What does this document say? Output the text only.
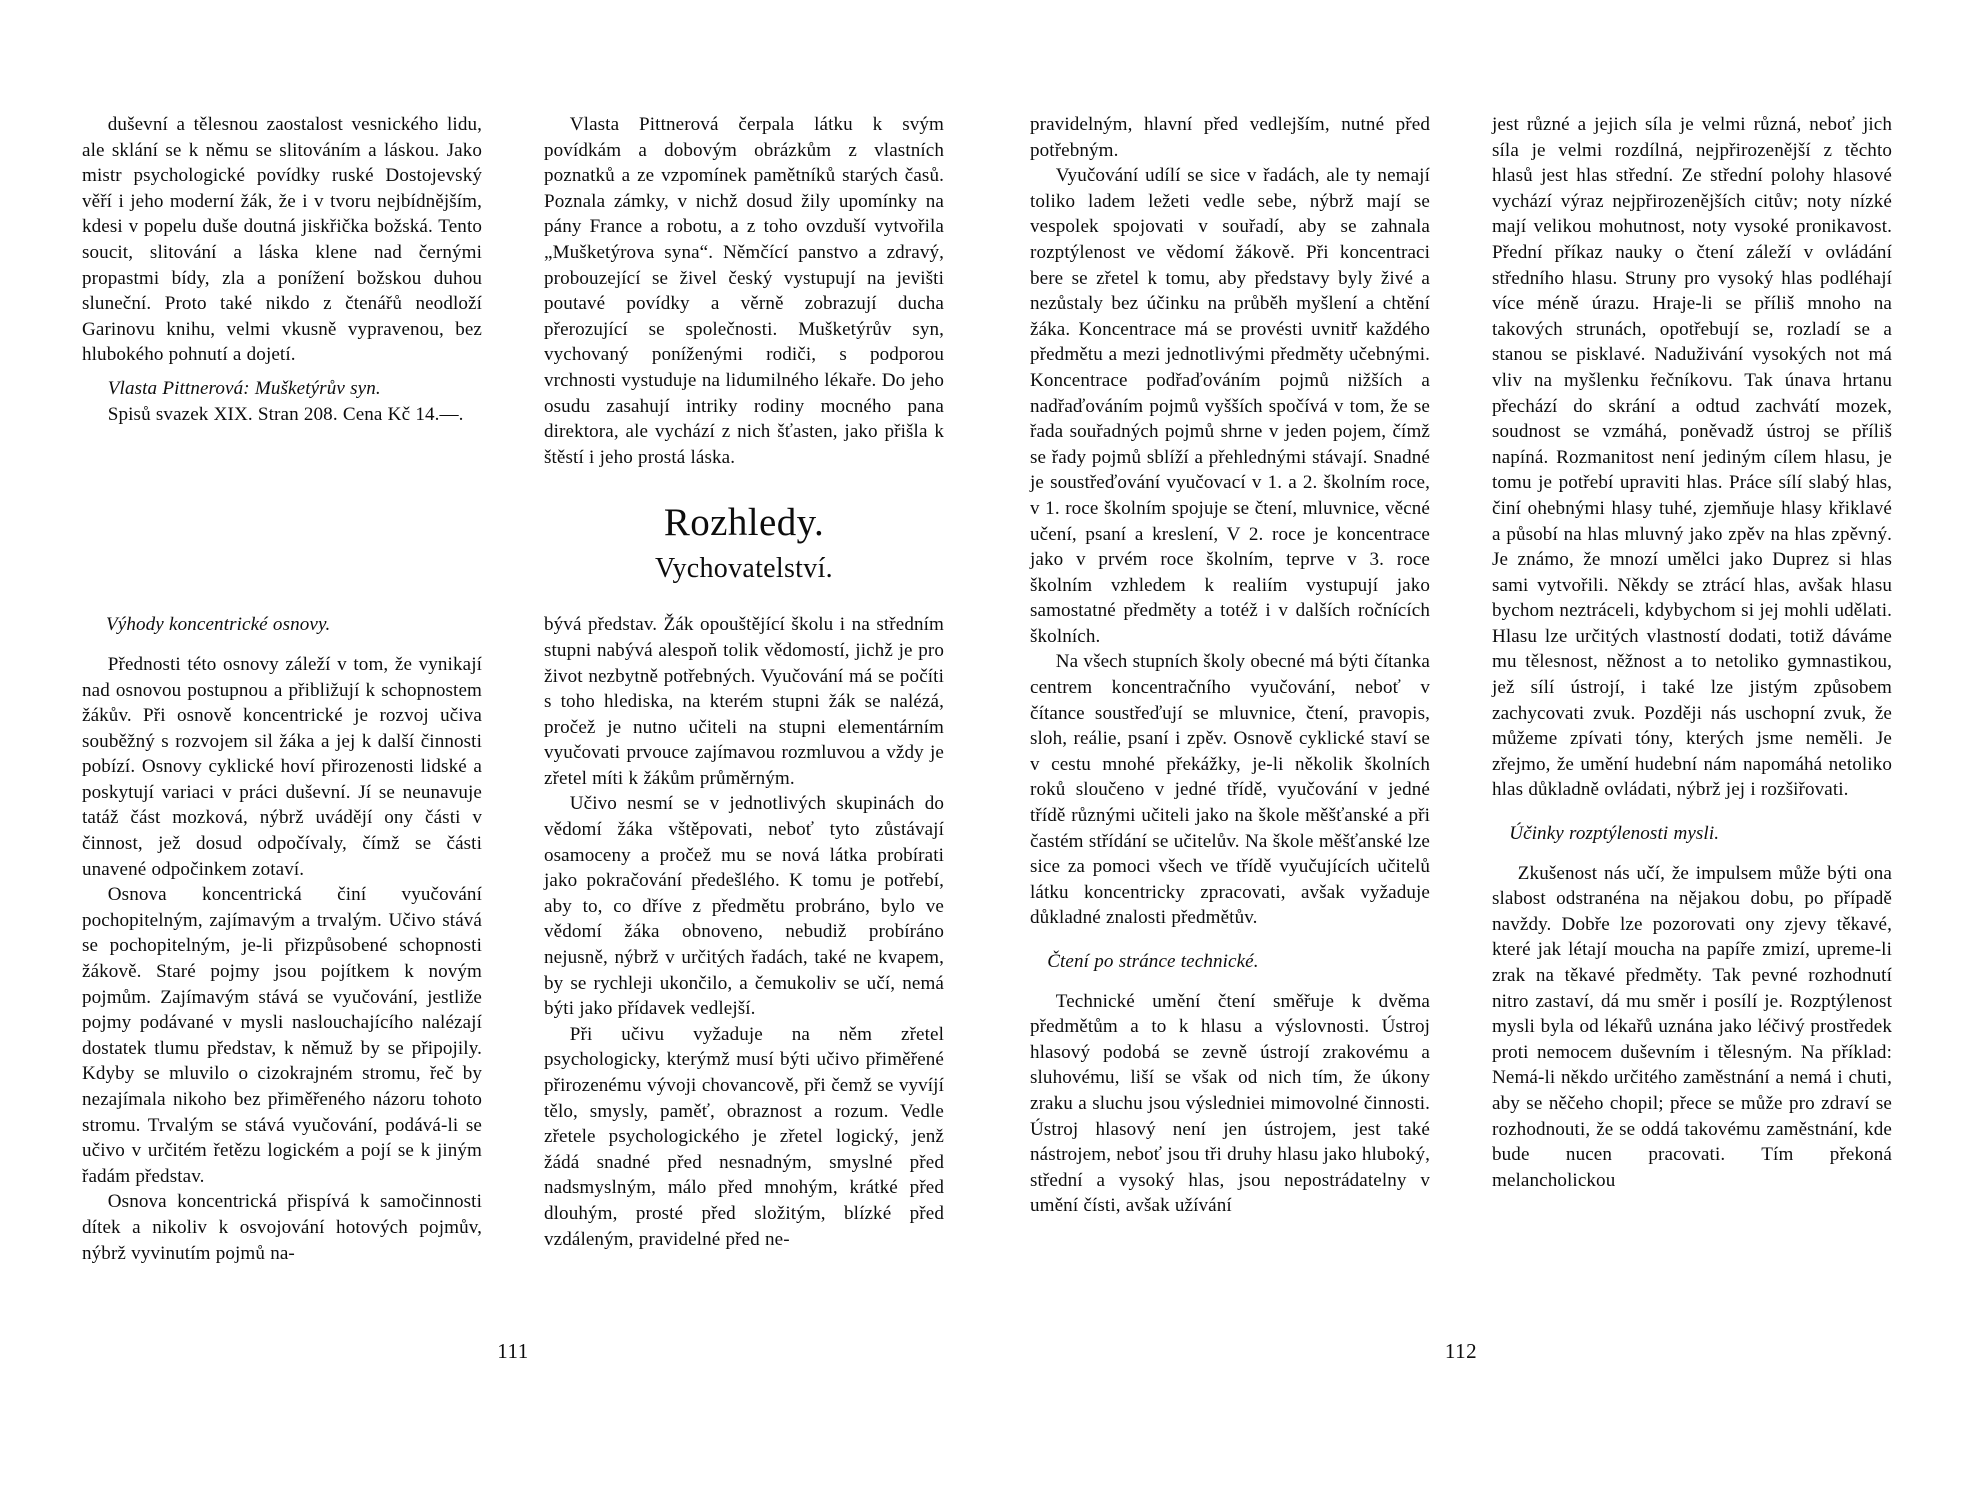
duševní a tělesnou zaostalost vesnického lidu, ale sklání se k němu se slitováním a láskou. Jako mistr psychologické povídky ruské Dostojevský věří i jeho moderní žák, že i v tvoru nejbídnějším, kdesi v popelu duše doutná jiskřička božská. Tento soucit, slitování a láska klene nad černými propastmi bídy, zla a ponížení božskou duhou sluneční. Proto také nikdo z čtenářů neodloží Garinovu knihu, velmi vkusně vypravenou, bez hlubokého pohnutí a dojetí.

Vlasta Pittnerová: Mušketýrův syn.

Spisů svazek XIX. Stran 208. Cena Kč 14.—.

Vlasta Pittnerová čerpala látku k svým povídkám a dobovým obrázkům z vlastních poznatků a ze vzpomínek pamětníků starých časů. Poznala zámky, v nichž dosud žily upomínky na pány France a robotu, a z toho ovzduší vytvořila „Mušketýrova syna“. Němčící panstvo a zdravý, probouzející se živel český vystupují na jevišti poutavé povídky a věrně zobrazují ducha přerozující se společnosti. Mušketýrův syn, vychovaný poníženými rodiči, s podporou vrchnosti vystuduje na lidumilného lékaře. Do jeho osudu zasahují intriky rodiny mocného pana direktora, ale vychází z nich šťasten, jako přišla k štěstí i jeho prostá láska.

Rozhledy.
Vychovatelství.

Výhody koncentrické osnovy.

Přednosti této osnovy záleží v tom, že vynikají nad osnovou postupnou a přibližují k schopnostem žákův. Při osnově koncentrické je rozvoj učiva souběžný s rozvojem sil žáka a jej k další činnosti pobízí. Osnovy cyklické hoví přirozenosti lidské a poskytují variaci v práci duševní. Jí se neunavuje tatáž část mozková, nýbrž uvádějí ony části v činnost, jež dosud odpočívaly, čímž se části unavené odpočinkem zotaví.

Osnova koncentrická činí vyučování pochopitelným, zajímavým a trvalým. Učivo stává se pochopitelným, je-li přizpůsobené schopnosti žákově. Staré pojmy jsou pojítkem k novým pojmům. Zajímavým stává se vyučování, jestliže pojmy podávané v mysli naslouchajícího nalézají dostatek tlumu představ, k němuž by se připojily. Kdyby se mluvilo o cizokrajném stromu, řeč by nezajímala nikoho bez přiměřeného názoru tohoto stromu. Trvalým se stává vyučování, podává-li se učivo v určitém řetězu logickém a pojí se k jiným řadám představ.

Osnova koncentrická přispívá k samočinnosti dítek a nikoliv k osvojování hotových pojmův, nýbrž vyvinutím pojmů na-

bývá představ. Žák opouštějící školu i na středním stupni nabývá alespoň tolik vědomostí, jichž je pro život nezbytně potřebných. Vyučování má se počíti s toho hlediska, na kterém stupni žák se nalézá, pročež je nutno učiteli na stupni elementárním vyučovati prvouce zajímavou rozmluvou a vždy je zřetel míti k žákům průměrným.

Učivo nesmí se v jednotlivých skupinách do vědomí žáka vštěpovati, neboť tyto zůstávají osamoceny a pročež mu se nová látka probírati jako pokračování předešlého. K tomu je potřebí, aby to, co dříve z předmětu probráno, bylo ve vědomí žáka obnoveno, nebudiž probíráno nejusně, nýbrž v určitých řadách, také ne kvapem, by se rychleji ukončilo, a čemukoliv se učí, nemá býti jako přídavek vedlejší.

Při učivu vyžaduje na něm zřetel psychologicky, kterýmž musí býti učivo přiměřené přirozenému vývoji chovancově, při čemž se vyvíjí tělo, smysly, paměť, obraznost a rozum. Vedle zřetele psychologického je zřetel logický, jenž žádá snadné před nesnadným, smyslné před nadsmyslným, málo před mnohým, krátké před dlouhým, prosté před složitým, blízké před vzdáleným, pravidelné před ne-

111

pravidelným, hlavní před vedlejším, nutné před potřebným.

Vyučování udílí se sice v řadách, ale ty nemají toliko ladem ležeti vedle sebe, nýbrž mají se vespolek spojovati v souřadí, aby se zahnala rozptýlenost ve vědomí žákově. Při koncentraci bere se zřetel k tomu, aby představy byly živé a nezůstaly bez účinku na průběh myšlení a chtění žáka. Koncentrace má se provésti uvnitř každého předmětu a mezi jednotlivými předměty učebnými. Koncentrace podřaďováním pojmů nižších a nadřaďováním pojmů vyšších spočívá v tom, že se řada souřadných pojmů shrne v jeden pojem, čímž se řady pojmů sblíží a přehlednými stávají. Snadné je soustřeďování vyučovací v 1. a 2. školním roce, v 1. roce školním spojuje se čtení, mluvnice, věcné učení, psaní a kreslení, V 2. roce je koncentrace jako v prvém roce školním, teprve v 3. roce školním vzhledem k realiím vystupují jako samostatné předměty a totéž i v dalších ročnících školních.

Na všech stupních školy obecné má býti čítanka centrem koncentračního vyučování, neboť v čítance soustřeďují se mluvnice, čtení, pravopis, sloh, reálie, psaní i zpěv. Osnově cyklické staví se v cestu mnohé překážky, je-li několik školních roků sloučeno v jedné třídě, vyučování v jedné třídě různými učiteli jako na škole měšťanské a při častém střídání se učitelův. Na škole měšťanské lze sice za pomoci všech ve třídě vyučujících učitelů látku koncentricky zpracovati, avšak vyžaduje důkladné znalosti předmětův.

Čtení po stránce technické.

Technické umění čtení směřuje k dvěma předmětům a to k hlasu a výslovnosti. Ústroj hlasový podobá se zevně ústrojí zrakovému a sluhovému, liší se však od nich tím, že úkony zraku a sluchu jsou výsledniei mimovolné činnosti. Ústroj hlasový není jen ústrojem, jest také nástrojem, neboť jsou tři druhy hlasu jako hluboký, střední a vysoký hlas, jsou nepostrádatelny v umění čísti, avšak užívání

jest různé a jejich síla je velmi různá, neboť jich síla je velmi rozdílná, nejpřirozenější z těchto hlasů jest hlas střední. Ze střední polohy hlasové vychází výraz nejpřirozenějších citův; noty nízké mají velikou mohutnost, noty vysoké pronikavost. Přední příkaz nauky o čtení záleží v ovládání středního hlasu. Struny pro vysoký hlas podléhají více méně úrazu. Hraje-li se příliš mnoho na takových strunách, opotřebují se, rozladí se a stanou se pisklavé. Naduživání vysokých not má vliv na myšlenku řečníkovu. Tak únava hrtanu přechází do skrání a odtud zachvátí mozek, soudnost se vzmáhá, poněvadž ústroj se příliš napíná. Rozmanitost není jediným cílem hlasu, je tomu je potřebí upraviti hlas. Práce sílí slabý hlas, činí ohebnými hlasy tuhé, zjemňuje hlasy křiklavé a působí na hlas mluvný jako zpěv na hlas zpěvný. Je známo, že mnozí umělci jako Duprez si hlas sami vytvořili. Někdy se ztrácí hlas, avšak hlasu bychom neztráceli, kdybychom si jej mohli udělati. Hlasu lze určitých vlastností dodati, totiž dáváme mu tělesnost, něžnost a to netoliko gymnastikou, jež sílí ústrojí, i také lze jistým způsobem zachycovati zvuk. Později nás uschopní zvuk, že můžeme zpívati tóny, kterých jsme neměli. Je zřejmo, že umění hudební nám napomáhá netoliko hlas důkladně ovládati, nýbrž jej i rozšiřovati.

Účinky rozptýlenosti mysli.

Zkušenost nás učí, že impulsem může býti ona slabost odstranéna na nějakou dobu, po případě navždy. Dobře lze pozorovati ony zjevy těkavé, které jak létají moucha na papíře zmizí, upreme-li zrak na těkavé předměty. Tak pevné rozhodnutí nitro zastaví, dá mu směr i posílí je. Rozptýlenost mysli byla od lékařů uznána jako léčivý prostředek proti nemocem duševním i tělesným. Na příklad: Nemá-li někdo určitého zaměstnání a nemá i chuti, aby se něčeho chopil; přece se může pro zdraví se rozhodnouti, že se oddá takovému zaměstnání, kde bude nucen pracovati. Tím překoná melancholickou

112
